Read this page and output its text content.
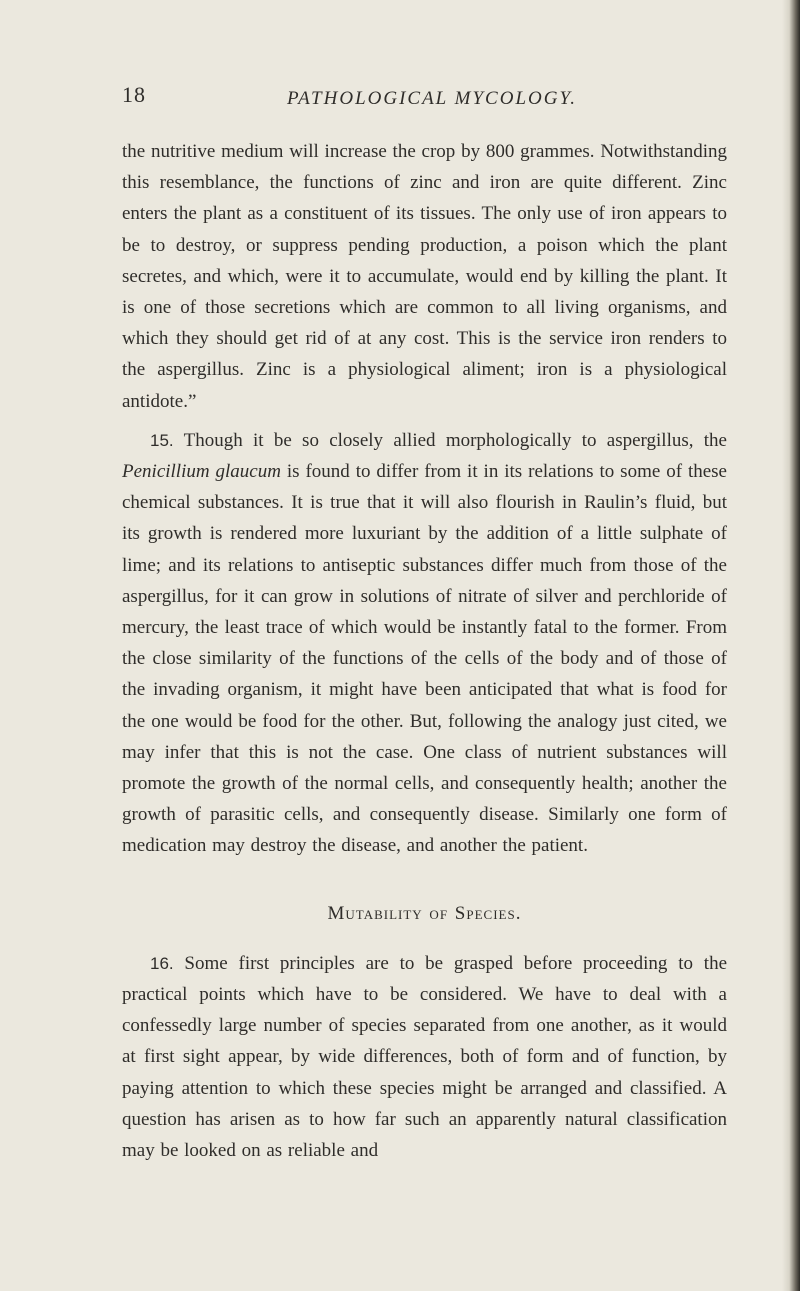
18	PATHOLOGICAL MYCOLOGY.

the nutritive medium will increase the crop by 800 grammes. Notwithstanding this resemblance, the functions of zinc and iron are quite different. Zinc enters the plant as a constituent of its tissues. The only use of iron appears to be to destroy, or suppress pending production, a poison which the plant secretes, and which, were it to accumulate, would end by killing the plant. It is one of those secretions which are common to all living organisms, and which they should get rid of at any cost. This is the service iron renders to the aspergillus. Zinc is a physiological aliment; iron is a physiological antidote.”

15. Though it be so closely allied morphologically to aspergillus, the Penicillium glaucum is found to differ from it in its relations to some of these chemical substances. It is true that it will also flourish in Raulin’s fluid, but its growth is rendered more luxuriant by the addition of a little sulphate of lime; and its relations to antiseptic substances differ much from those of the aspergillus, for it can grow in solutions of nitrate of silver and perchloride of mercury, the least trace of which would be instantly fatal to the former. From the close similarity of the functions of the cells of the body and of those of the invading organism, it might have been anticipated that what is food for the one would be food for the other. But, following the analogy just cited, we may infer that this is not the case. One class of nutrient substances will promote the growth of the normal cells, and consequently health; another the growth of parasitic cells, and consequently disease. Similarly one form of medication may destroy the disease, and another the patient.

Mutability of Species.

16. Some first principles are to be grasped before proceeding to the practical points which have to be considered. We have to deal with a confessedly large number of species separated from one another, as it would at first sight appear, by wide differences, both of form and of function, by paying attention to which these species might be arranged and classified. A question has arisen as to how far such an apparently natural classification may be looked on as reliable and
